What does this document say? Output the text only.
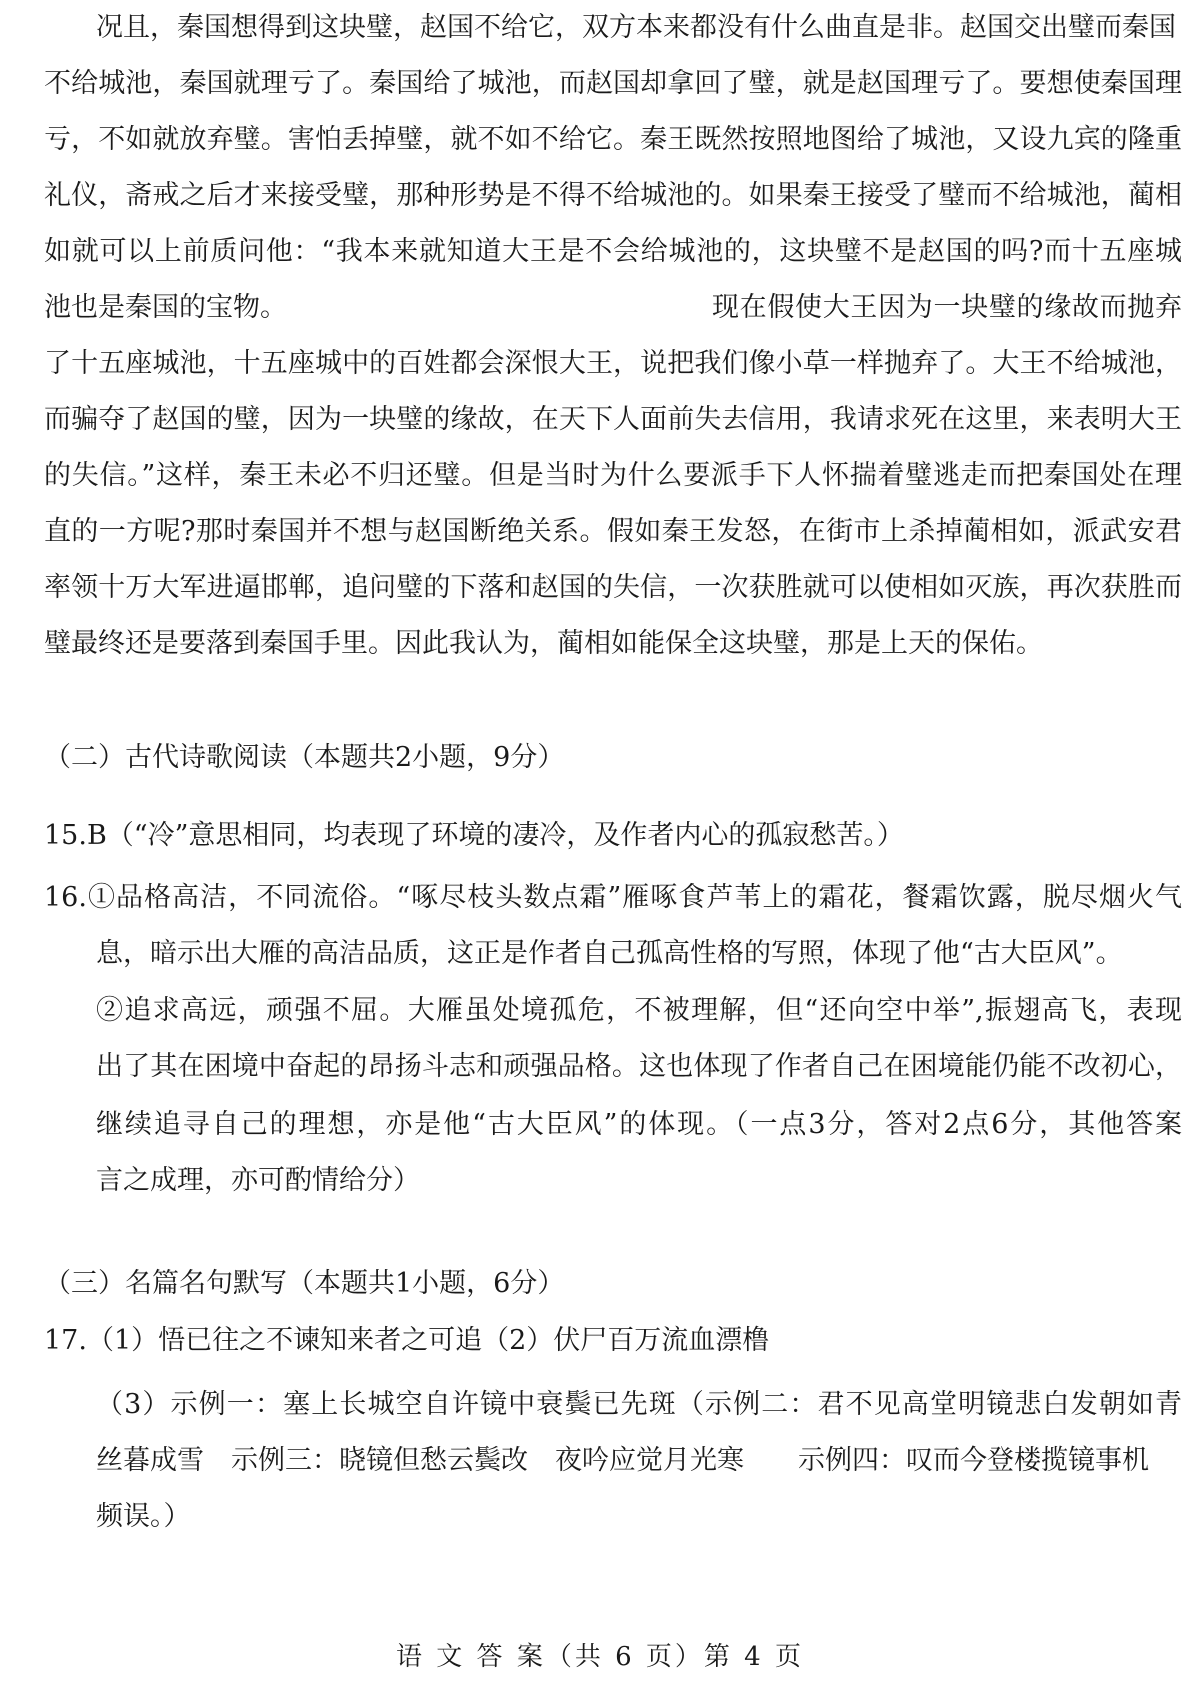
况且，秦国想得到这块璧，赵国不给它，双方本来都没有什么曲直是非。赵国交出璧而秦国
不给城池，秦国就理亏了。秦国给了城池，而赵国却拿回了璧，就是赵国理亏了。要想使秦国理
亏，不如就放弃璧。害怕丢掉璧，就不如不给它。秦王既然按照地图给了城池，又设九宾的隆重
礼仪，斋戒之后才来接受璧，那种形势是不得不给城池的。如果秦王接受了璧而不给城池，蔺相
如就可以上前质问他：“我本来就知道大王是不会给城池的，这块璧不是赵国的吗?而十五座城
池也是秦国的宝物。	现在假使大王因为一块璧的缘故而抛弃
了十五座城池，十五座城中的百姓都会深恨大王，说把我们像小草一样抛弃了。大王不给城池，
而骗夺了赵国的璧，因为一块璧的缘故，在天下人面前失去信用，我请求死在这里，来表明大王
的失信。”这样，秦王未必不归还璧。但是当时为什么要派手下人怀揣着璧逃走而把秦国处在理
直的一方呢?那时秦国并不想与赵国断绝关系。假如秦王发怒，在街市上杀掉蔺相如，派武安君
率领十万大军进逼邯郸，追问璧的下落和赵国的失信，一次获胜就可以使相如灭族，再次获胜而
璧最终还是要落到秦国手里。因此我认为，蔺相如能保全这块璧，那是上天的保佑。
（二）古代诗歌阅读（本题共2小题，9分）
15.B（“冷”意思相同，均表现了环境的凄冷，及作者内心的孤寂愁苦。）
16.①品格高洁，不同流俗。“啄尽枝头数点霜”雁啄食芦苇上的霜花，餐霜饮露，脱尽烟火气
息，暗示出大雁的高洁品质，这正是作者自己孤高性格的写照，体现了他“古大臣风”。
②追求高远，顽强不屈。大雁虽处境孤危，不被理解，但“还向空中举”,振翅高飞，表现
出了其在困境中奋起的昂扬斗志和顽强品格。这也体现了作者自己在困境能仍能不改初心，
继续追寻自己的理想，亦是他“古大臣风”的体现。（一点3分，答对2点6分，其他答案
言之成理，亦可酌情给分）
（三）名篇名句默写（本题共1小题，6分）
17.（1）悟已往之不谏知来者之可追（2）伏尸百万流血漂橹
（3）示例一：塞上长城空自许镜中衰鬓已先斑（示例二：君不见高堂明镜悲白发朝如青
丝暮成雪　示例三：晓镜但愁云鬓改　夜吟应觉月光寒　　示例四：叹而今登楼揽镜事机
频误。）
语 文 答 案（共 6 页）第 4 页
